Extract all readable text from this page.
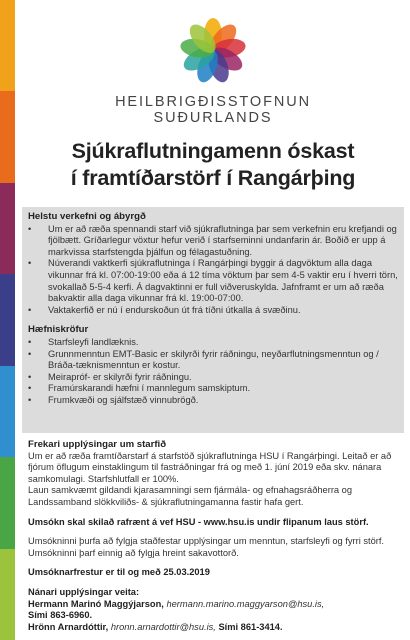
HEILBRIGÐISSTOFNUN
SUÐURLANDS
Sjúkraflutningamenn óskast
í framtíðarstörf í Rangárþing
Helstu verkefni og ábyrgð
• Um er að ræða spennandi starf við sjúkraflutninga þar sem verkefnin eru krefjandi og fjölbætt. Gríðarlegur vöxtur hefur verið í starfseminni undanfarin ár. Boðið er upp á markvissa starfstengda þjálfun og félagastuðning.
• Núverandi vaktkerfi sjúkraflutninga í Rangárþingi byggir á dagvöktum alla daga vikunnar frá kl. 07:00-19:00 eða á 12 tíma vöktum þar sem 4-5 vaktir eru í hverri törn, svokallað 5-5-4 kerfi. Á dagvaktinni er full viðveruskylda. Jafnframt er um að ræða bakvaktir alla daga vikunnar frá kl. 19:00-07:00.
• Vaktakerfið er nú í endurskoðun út frá tíðni útkalla á svæðinu.
Hæfniskröfur
• Starfsleyfi landlæknis.
• Grunnmenntun EMT-Basic er skilyrði fyrir ráðningu, neyðarflutningsmenntun og / Bráða-tæknismenntun er kostur.
• Meirapróf- er skilyrði fyrir ráðningu.
• Framúrskarandi hæfni í mannlegum samskiptum.
• Frumkvæði og sjálfstæð vinnubrögð.
Frekari upplýsingar um starfið

Um er að ræða framtíðarstarf á starfstöð sjúkraflutninga HSU í Rangárþingi. Leitað er að fjórum öflugum einstaklingum til fastráðningar frá og með 1. júní 2019 eða skv. nánara samkomulagi. Starfshlutfall er 100%.

Laun samkvæmt gildandi kjarasamningi sem fjármála- og efnahagsráðherra og Landssamband slökkviliðs- & sjúkraflutningamanna fastir hafa gert.

Umsókn skal skilað rafrænt á vef HSU - www.hsu.is undir flipanum laus störf.

Umsókninni þurfa að fylgja staðfestar upplýsingar um menntun, starfsleyfi og fyrri störf. Umsókninni þarf einnig að fylgja hreint sakavottorð.

Umsóknarfrestur er til og með 25.03.2019

Nánari upplýsingar veita:

Hermann Marinó Maggýjarson, hermann.marino.maggyarson@hsu.is,

Sími 863-6960.

Hrönn Arnardóttir, hronn.arnardottir@hsu.is, Sími 861-3414.
